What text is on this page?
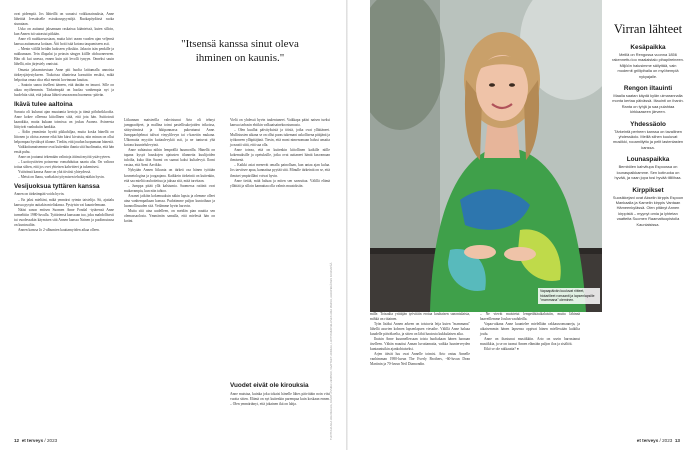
ovat pidempiä. Jos lähteillä on suruaisi voikkasairauksia, Anne lähettää Jeesukselle esirukouspyyntöjä. Ruokapöydässä ruoka siunataan.

Usko on auttanut jaksamaan raskaissa käänteissä, kuten silloin, kun Annen isä sairastui pitkään.

Anne eli ruuhkavuosiaan, mutta kävi usean vuoden ajan veljensä kanssa auttamassa kotiaan. Äiti hoiti isää kotona taupumiseen asti.

– Menin välillä heidän luokseen yöksikin. Jaksoin isän penkille ja nukkumaan. Tein illapalat ja petasin sängyn kiillle olohuoneeseen. Hän oli kui unessa, ennen kuin päi levolli tynyyn. Onneksi sauin lähellä, niin järjestely onnistui.

Omasta jaksamisestaan Anne piti huolta laittamalla annoista tärkeysjärjestykseen. Tiukoissa tilanteissa karsuttiin ensiksi, mikä helpottaa omaa oloa eikä menisi kovinnaan kauttaa.

– Saatoin sanoa itselleni ääneen, että tänään en imuroi. Sille on aikaa myöhemmin. Tärkeämpää on huolaa vanhempia nyt ja huolehtia siitä, että jaksaa lähteä seuraavana huomena -päivän.

Ikävä tulee aaltoina

Surusta oli kulunut ajan muutamia kertoja ja tämä pöhdsrikkoolta. Anne kokee olleensa kiitollinen siitä, että jota hän. Suitiotosti kaarakkia, mutta kukaan toimissa on joskus Avanea. Avineesta liittyivät vanhuksiin hankkia.

– Äidin ymmärsin hyvää pikkuhiljaa, mutta koska hänellä on liitonen ja oloisa asenne eikä hän kärsi kivuista, niin minun on ollut helpompaa hyväksyä tilanne. Tiedän, että joudun luopumaan hänestä.

Vaikkoitumaisemme ovat kuitenkin ihania sitä huolimatta, että hän ensiä puhu.

Anne on joutunut tekemään valintoja äitinsä myötä ystävyyteen.

– Luottoystävien poisnemo vomahduttaa naarta alta. On valtava tottua siihen, että jos ovet yhteisen kahvitteet ja tukemisesi.

Ystävänsä kanssa Anne on yhä tiiviisti yhteydessä.

– Metsä on lhana, vaeltakin työymisen tehokäyntäkin hyvin.

Vesijuoksua tyttären kanssa

Annen on tärkeämpää voida hyvin.

– En jaksi mieltäni, mikä ymmärsi rytmin taistelija. Sii, ajattalu kanssa pysyin auttakin mielialansa. Pystyisin vai kuuntelemaan.

Nääsi sanoo entisen Suomen Anne Fondal -tytärensä Anne turmelttiin 1980-luvulla. Tyttäriensä kanssaan tuo, joku mahdollisesti tai vuodessakin käymisen sitä Annen kanssa Nainen ja puolimutassa on kuntosaliin.

Annen kanssa Jo 2-albumien kauttamyöden aikaa olleen.

"Itsensä kanssa sinut oleva ihminen on kaunis."

Liikunnan maisterilla vahvistunut Arto oli tehnyt jumppaohjeet, ja mallina toimi pastellisukejoiden trikoissa, säärystimissä ja hikipannassa pukeutunut Anne. Jumppaohjelmat tulivat vinyylilevyn tai c-kasettin mukana. Ulkomaita myytiin kuitaulevykiä asti, ja ne tuntuvat yhä kotona kuuntelulevyinä.

Anne suhtautuu niihin lempeällä huumorilla. Hänellä on tapana kysyä hauskojen ajatusten tilannetta kuulijoiden tuloilta, kuka iltin Suomi on saanut kaksi kultalevyä. Ilomi vastaa, että Armi Aavikko.

Nykyään Annen liikunta on tärkeä osa hänen työtään kosmetologina ja joogaajana. Kaikkein tärkeintä on kuitenkin, että saa mieltä rauhoitettua ja jaksaa sitä, mitä tarvitaan.

– Jumppa pitää yllä kalsiumia. Suomessa rutiinit ovat mukavampia, kun niin tahtoo.

Arsanet jaiköin kokemuuksin näkin lapsia ja olemme olleet aina vanhempaikaan kanssa. Pudotimme paljon kuntoiluun ja luonnollisuuden sitä. Vedämme hyvin harvoin.

Mutta sitä aina uudelleen, on meidän pian nauttia sen olemassaolosta. Ymmärrän samalla, että mielestä hän on kotini.

Vielä on yhdessä hyvin tuulentuneet. Vaikkapa pääsi naisen tueksi kanssa tarhasin ehtikin valkuaisainekoostumusta.

– Olen kuullut päivityksistä ja töistä, jotka ovat yllättäneet. Mullistusten aikana se on ollut paras tukemani uskollisena pitäjänä ja työkoneen ylläpitäjänä. Tiesin, että moni nimenomaan halusi ansaita ja nautti siitä, että saa olla.

Anne toteaa, että on kuitenkin kiitollinen kaikille niille kokemuksille ja opetuksille, jotka ovat auttaneet häntä kasvamaan ihmisenä.

– Kaikki asiat menevät omalla painollaan, kun antaa ajan kulua. Jos tarvitsee apua, kannattaa pyytää sitä. Minulle tärkeintä on se, että ihmiset ympärilläni voivat hyvin.

Anne tietää, mitä haluaa ja miten sen saavuttaa. Välillä elämä yllättää ja silloin kannattaa olla valmis muutoksiin.

Vuodet eivät ole kirouksia
Anne muistaa, kuinka joku tokaisi hänelle lähes päivittäin noin viisi vuotta sitten. Elämä on nyt kuitenkin parempaa kuin koskaan ennen. – Olen ymmärtänyt, että jokainen ikä on lahja.	TUOTTAJA AILA VALOKAALIA, KUVAT: ANNIKA LIEMPURI, VAATTEET: ARKKAA, LUOTTAMUKSELLINEN AIKA MAKSU, ALKUPERÄINEN KOUNAPÄÄ
12 et terveys / 2023
Vapaapäivän kuuluvat riitteet, hiotarilleet romaanit ja lapsenlapsille "mammana" oleminen.

mille. Toisaalta yrittäjän työvitäin erotaa kouhaisen sanontalaisia, mihkä on riitainen.

Työn lisäksi Annen arkeen on toistuvia leija kuten "mammana" lähellä asuvien kolmen lapsenlapsen viesaihe. Välillä Anne haluaa kuudelle päiväkoelta, ja sitten on lähti hautosta kukkulaisen aika.

Ihaisin Anne kuunnellessaan toista huoltakaan hänen luonaan itselleen. Vähän muuttui Annan luvuttamatta, vaikka luunterveyden kuntaantuikin ajankohtaiseksi.

Arjen itävät luu ovat Annelle toimisi. Arto ontuu Annelle vanhimman 1980-luvun The Everly Brothers, -60-luvun Dean Martinin ja 70-luvun Neil Diamondin.

– Ne vievät muistetut lempeähtäaikalaisiin, mutta lähinnä haaveillemme Joulun vauhdeilla.

Vapaa-aikana Anne kuuntelee mielellään rakkausromaaneja, ja aikaisemmin hänen lapsensa oppivat hänen miellessään kaikilta joulu.

Anne on ihastunut musiikkiin. Arto on usein harrastanut musiikkia, ja se on tuonut Annen elämään paljon iloa ja sisältöä.

Eikö se ole rakkautta? ●

Virran lähteet
Kesäpaikka
Meillä on Rengossa vuonna 1856 rakennettu loo maalaistalo pihapiireineen. Miljöön halusimme säilyttää, vain modernit grillipihalla on myöhempiä nykyajalle.
Rengon iltauinti
Maalla saatan käydä kylän uimarannalla monta kertaa päivässä. Iltauinti on ihanin. Ranta on tyhjä ja saa pulahtaa kirkkaaseen järveen.
Yhdessäolo
Tärkeintä perheen kanssa on tavallinen yhdessäolo. Meillä siihen kuuluvat musiikki, rooamiilytto ja pelit lastenlasten kanssa.
Lounaspaikka
Bembölen kahvitupa Espoossa on lounaspaikkamme. Sen kotiruoka on hyvää, ja vaan jopa tosi hyvää tillilihaa.
Kirppikset
Suosikkejani ovat Akselin kirppis Espoon Mankaalla ja Kamelin kirppis Vantaan Hämeenkylässä. Olen pitänyt Annen kirppistä – myynyt omia ja lyhtetan vaatteita Suomen Raamattuopistolla Kauniaisissa.
et terveys / 2023 13
